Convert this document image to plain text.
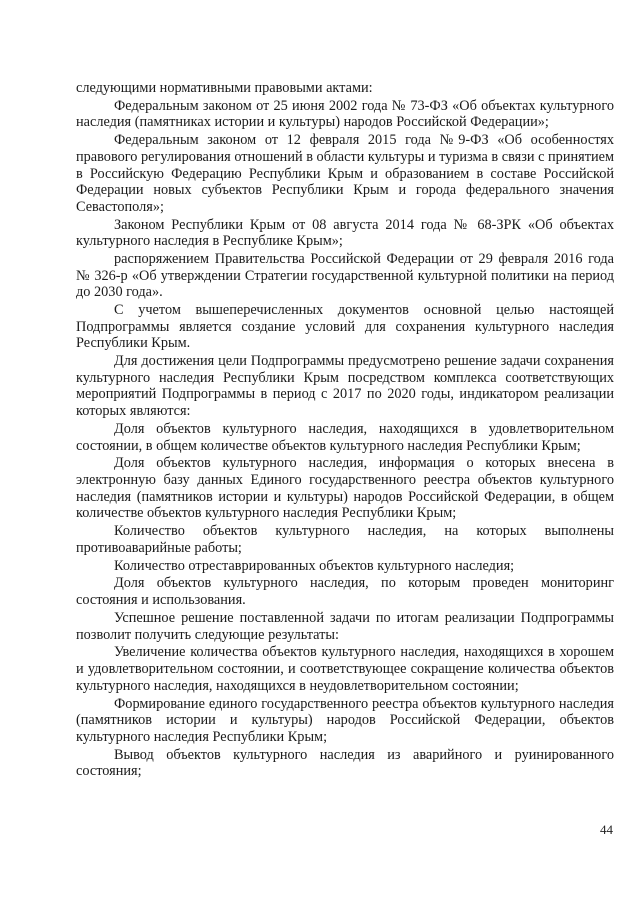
следующими нормативными правовыми актами:

Федеральным законом от 25 июня 2002 года № 73-ФЗ «Об объектах культурного наследия (памятниках истории и культуры) народов Российской Федерации»;

Федеральным законом от 12 февраля 2015 года №9-ФЗ «Об особенностях правового регулирования отношений в области культуры и туризма в связи с принятием в Российскую Федерацию Республики Крым и образованием в составе Российской Федерации новых субъектов Республики Крым и города федерального значения Севастополя»;

Законом Республики Крым от 08 августа 2014 года № 68-ЗРК «Об объектах культурного наследия в Республике Крым»;

распоряжением Правительства Российской Федерации от 29 февраля 2016 года № 326-р «Об утверждении Стратегии государственной культурной политики на период до 2030 года».

С учетом вышеперечисленных документов основной целью настоящей Подпрограммы является создание условий для сохранения культурного наследия Республики Крым.

Для достижения цели Подпрограммы предусмотрено решение задачи сохранения культурного наследия Республики Крым посредством комплекса соответствующих мероприятий Подпрограммы в период с 2017 по 2020 годы, индикатором реализации которых являются:

Доля объектов культурного наследия, находящихся в удовлетворительном состоянии, в общем количестве объектов культурного наследия Республики Крым;

Доля объектов культурного наследия, информация о которых внесена в электронную базу данных Единого государственного реестра объектов культурного наследия (памятников истории и культуры) народов Российской Федерации, в общем количестве объектов культурного наследия Республики Крым;

Количество объектов культурного наследия, на которых выполнены противоаварийные работы;

Количество отреставрированных объектов культурного наследия;

Доля объектов культурного наследия, по которым проведен мониторинг состояния и использования.

Успешное решение поставленной задачи по итогам реализации Подпрограммы позволит получить следующие результаты:

Увеличение количества объектов культурного наследия, находящихся в хорошем и удовлетворительном состоянии, и соответствующее сокращение количества объектов культурного наследия, находящихся в неудовлетворительном состоянии;

Формирование единого государственного реестра объектов культурного наследия (памятников истории и культуры) народов Российской Федерации, объектов культурного наследия Республики Крым;

Вывод объектов культурного наследия из аварийного и руинированного состояния;

44
